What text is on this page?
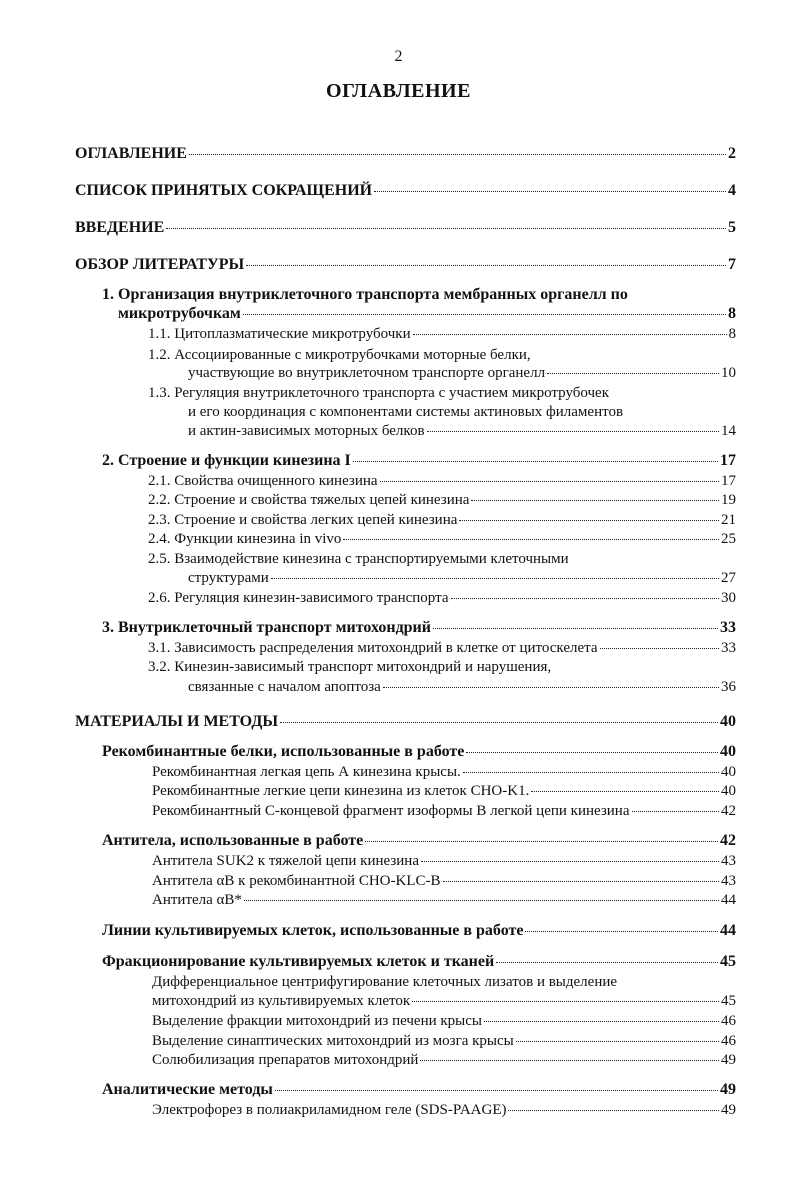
2
ОГЛАВЛЕНИЕ
ОГЛАВЛЕНИЕ	2
СПИСОК ПРИНЯТЫХ СОКРАЩЕНИЙ	4
ВВЕДЕНИЕ	5
ОБЗОР ЛИТЕРАТУРЫ	7
1. Организация внутриклеточного транспорта мембранных органелл по
микротрубочкам	8
1.1. Цитоплазматические микротрубочки	8
1.2. Ассоциированные с микротрубочками моторные белки,
участвующие во внутриклеточном транспорте органелл	10
1.3. Регуляция внутриклеточного транспорта с участием микротрубочек
и его координация с компонентами системы актиновых филаментов
и актин-зависимых моторных белков	14
2. Строение и функции кинезина I	17
2.1. Свойства очищенного кинезина	17
2.2. Строение и свойства тяжелых цепей кинезина	19
2.3. Строение и свойства легких цепей кинезина	21
2.4. Функции кинезина in vivo	25
2.5. Взаимодействие кинезина с транспортируемыми клеточными
структурами	27
2.6. Регуляция кинезин-зависимого транспорта	30
3. Внутриклеточный транспорт митохондрий	33
3.1. Зависимость распределения митохондрий в клетке от цитоскелета	33
3.2. Кинезин-зависимый транспорт митохондрий и нарушения,
связанные с началом апоптоза	36
МАТЕРИАЛЫ И МЕТОДЫ	40
Рекомбинантные белки, использованные в работе	40
Рекомбинантная легкая цепь А кинезина крысы.	40
Рекомбинантные легкие цепи кинезина из клеток CHO-K1.	40
Рекомбинантный С-концевой фрагмент изоформы В легкой цепи кинезина	42
Антитела, использованные в работе	42
Антитела SUK2 к тяжелой цепи кинезина	43
Антитела αB к рекомбинантной CHO-KLC-B	43
Антитела αB*	44
Линии культивируемых клеток, использованные в работе	44
Фракционирование культивируемых клеток и тканей	45
Дифференциальное центрифугирование клеточных лизатов и выделение
митохондрий из культивируемых клеток	45
Выделение фракции митохондрий из печени крысы	46
Выделение синаптических митохондрий из мозга крысы	46
Солюбилизация препаратов митохондрий	49
Аналитические методы	49
Электрофорез в полиакриламидном геле (SDS-PAAGE)	49
